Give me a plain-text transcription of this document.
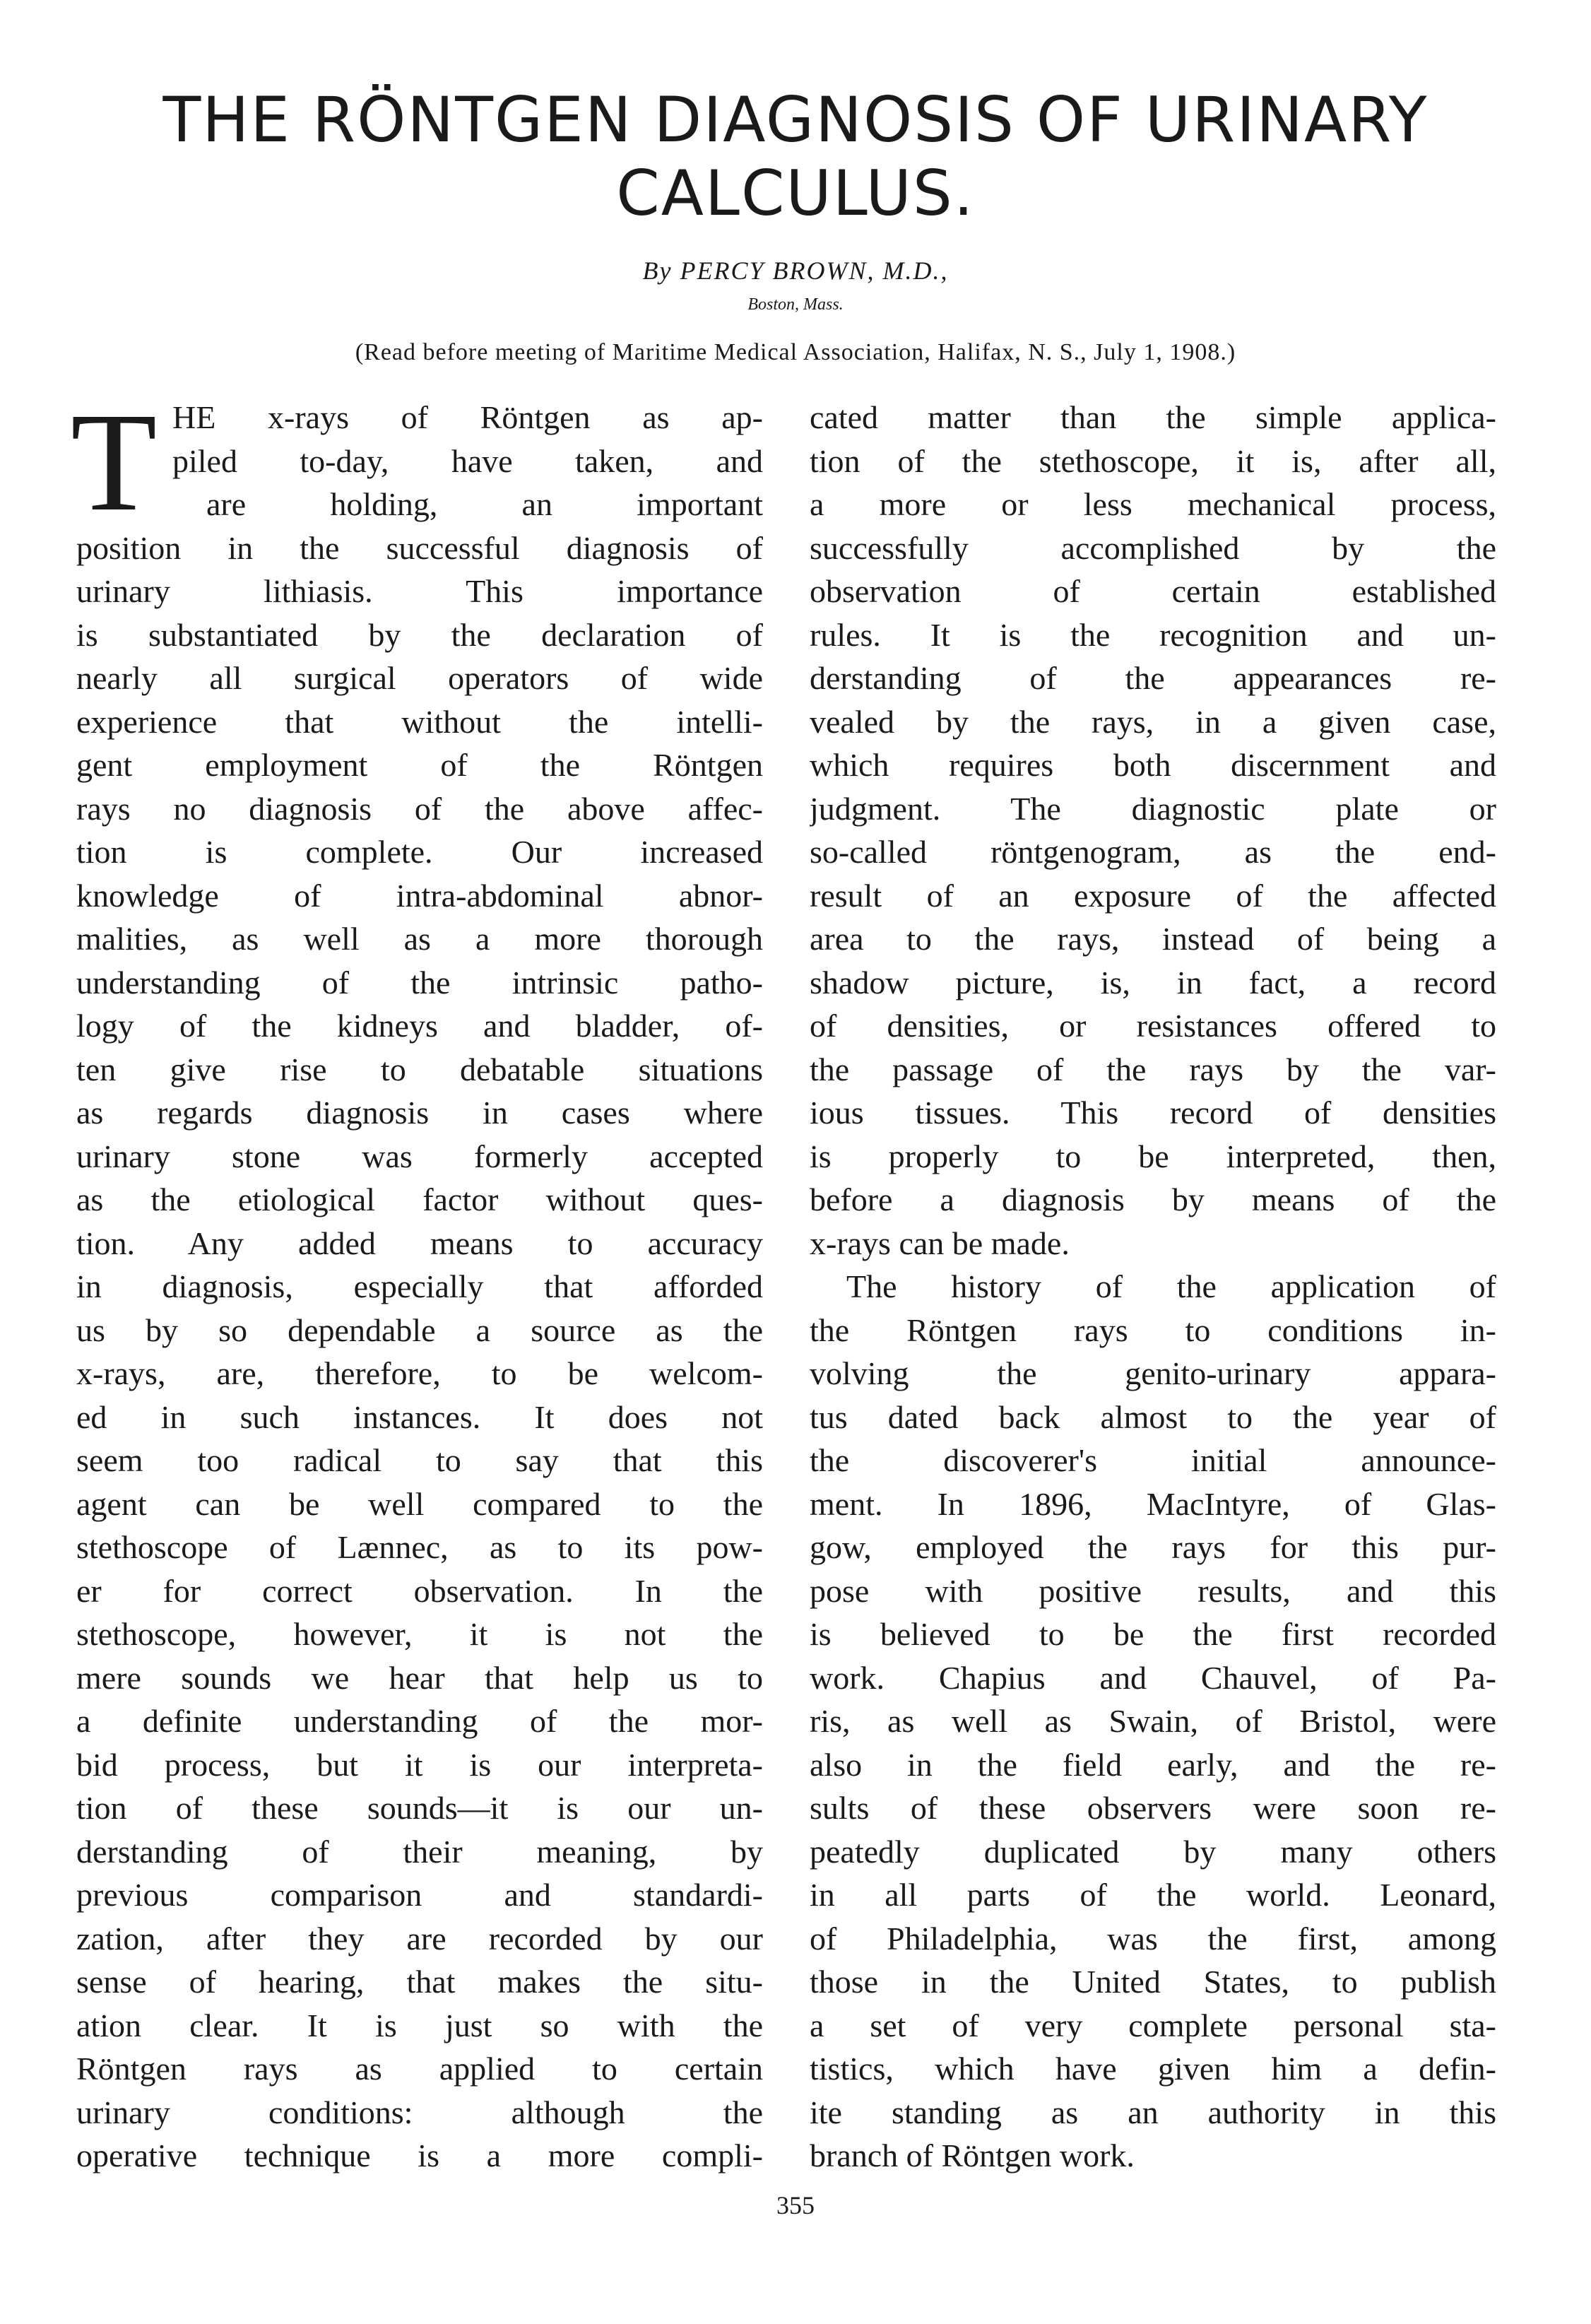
THE RÖNTGEN DIAGNOSIS OF URINARY
CALCULUS.
By PERCY BROWN, M.D.,
Boston, Mass.
(Read before meeting of Maritime Medical Association, Halifax, N. S., July 1, 1908.)
T HE x-rays of Röntgen as ap-
piled to-day, have taken, and
are holding, an important
position in the successful diagnosis of
urinary lithiasis. This importance
is substantiated by the declaration of
nearly all surgical operators of wide
experience that without the intelli-
gent employment of the Röntgen
rays no diagnosis of the above affec-
tion is complete. Our increased
knowledge of intra-abdominal abnor-
malities, as well as a more thorough
understanding of the intrinsic patho-
logy of the kidneys and bladder, of-
ten give rise to debatable situations
as regards diagnosis in cases where
urinary stone was formerly accepted
as the etiological factor without ques-
tion. Any added means to accuracy
in diagnosis, especially that afforded
us by so dependable a source as the
x-rays, are, therefore, to be welcom-
ed in such instances. It does not
seem too radical to say that this
agent can be well compared to the
stethoscope of Lænnec, as to its pow-
er for correct observation. In the
stethoscope, however, it is not the
mere sounds we hear that help us to
a definite understanding of the mor-
bid process, but it is our interpreta-
tion of these sounds—it is our un-
derstanding of their meaning, by
previous comparison and standardi-
zation, after they are recorded by our
sense of hearing, that makes the situ-
ation clear. It is just so with the
Röntgen rays as applied to certain
urinary conditions: although the
operative technique is a more compli-
cated matter than the simple applica-
tion of the stethoscope, it is, after all,
a more or less mechanical process,
successfully accomplished by the
observation of certain established
rules. It is the recognition and un-
derstanding of the appearances re-
vealed by the rays, in a given case,
which requires both discernment and
judgment. The diagnostic plate or
so-called röntgenogram, as the end-
result of an exposure of the affected
area to the rays, instead of being a
shadow picture, is, in fact, a record
of densities, or resistances offered to
the passage of the rays by the var-
ious tissues. This record of densities
is properly to be interpreted, then,
before a diagnosis by means of the
x-rays can be made.
The history of the application of
the Röntgen rays to conditions in-
volving the genito-urinary appara-
tus dated back almost to the year of
the discoverer's initial announce-
ment. In 1896, MacIntyre, of Glas-
gow, employed the rays for this pur-
pose with positive results, and this
is believed to be the first recorded
work. Chapius and Chauvel, of Pa-
ris, as well as Swain, of Bristol, were
also in the field early, and the re-
sults of these observers were soon re-
peatedly duplicated by many others
in all parts of the world. Leonard,
of Philadelphia, was the first, among
those in the United States, to publish
a set of very complete personal sta-
tistics, which have given him a defin-
ite standing as an authority in this
branch of Röntgen work.
355
